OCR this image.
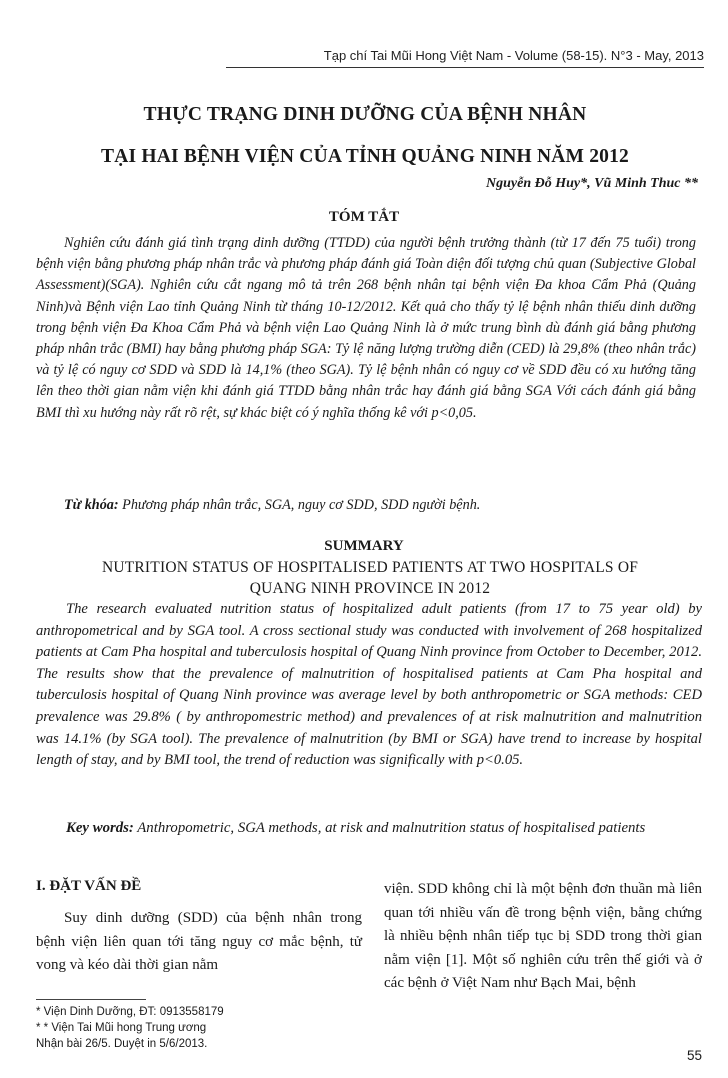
Tạp chí Tai Mũi Hong Việt Nam - Volume (58-15). N°3 - May, 2013
THỰC TRẠNG DINH DƯỠNG CỦA BỆNH NHÂN
TẠI HAI BỆNH VIỆN CỦA TỈNH QUẢNG NINH NĂM 2012
Nguyễn Đỗ Huy*, Vũ Minh Thuc **
TÓM TẮT

Nghiên cứu đánh giá tình trạng dinh dưỡng (TTDD) của người bệnh trưởng thành (từ 17 đến 75 tuổi) trong bệnh viện bằng phương pháp nhân trắc và phương pháp đánh giá Toàn diện đối tượng chủ quan (Subjective Global Assessment)(SGA). Nghiên cứu cắt ngang mô tả trên 268 bệnh nhân tại bệnh viện Đa khoa Cẩm Phả (Quảng Ninh)và Bệnh viện Lao tỉnh Quảng Ninh từ tháng 10-12/2012. Kết quả cho thấy tỷ lệ bệnh nhân thiếu dinh dưỡng trong bệnh viện Đa Khoa Cẩm Phả và bệnh viện Lao Quảng Ninh là ở mức trung bình dù đánh giá bằng phương pháp nhân trắc (BMI) hay bằng phương pháp SGA: Tỷ lệ năng lượng trường diễn (CED) là 29,8% (theo nhân trắc) và tỷ lệ có nguy cơ SDD và SDD là 14,1% (theo SGA). Tỷ lệ bệnh nhân có nguy cơ về SDD đều có xu hướng tăng lên theo thời gian nằm viện khi đánh giá TTDD bằng nhân trắc hay đánh giá bằng SGA Với cách đánh giá bằng BMI thì xu hướng này rất rõ rệt, sự khác biệt có ý nghĩa thống kê với p<0,05.

Từ khóa: Phương pháp nhân trắc, SGA, nguy cơ SDD, SDD người bệnh.
SUMMARY
NUTRITION STATUS OF HOSPITALISED PATIENTS AT TWO HOSPITALS OF
QUANG NINH PROVINCE IN 2012

The research evaluated nutrition status of hospitalized adult patients (from 17 to 75 year old) by anthropometrical and by SGA tool. A cross sectional study was conducted with involvement of 268 hospitalized patients at Cam Pha hospital and tuberculosis hospital of Quang Ninh province from October to December, 2012. The results show that the prevalence of malnutrition of hospitalised patients at Cam Pha hospital and tuberculosis hospital of Quang Ninh province was average level by both anthropometric or SGA methods: CED prevalence was 29.8% ( by anthropomestric method) and prevalences of at risk malnutrition and malnutrition was 14.1% (by SGA tool). The prevalence of malnutrition (by BMI or SGA) have trend to increase by hospital length of stay, and by BMI tool, the trend of reduction was significally with p<0.05.

Key words: Anthropometric, SGA methods, at risk and malnutrition status of hospitalised patients
I. ĐẶT VẤN ĐỀ

Suy dinh dưỡng (SDD) của bệnh nhân trong bệnh viện liên quan tới tăng nguy cơ mắc bệnh, tử vong và kéo dài thời gian nằm

viện. SDD không chỉ là một bệnh đơn thuần mà liên quan tới nhiều vấn đề trong bệnh viện, bằng chứng là nhiều bệnh nhân tiếp tục bị SDD trong thời gian nằm viện [1]. Một số nghiên cứu trên thế giới và ở các bệnh ở Việt Nam như Bạch Mai, bệnh

* Viện Dinh Dưỡng, ĐT: 0913558179
* * Viện Tai Mũi hong Trung ương
Nhận bài 26/5. Duyệt in 5/6/2013.
55
